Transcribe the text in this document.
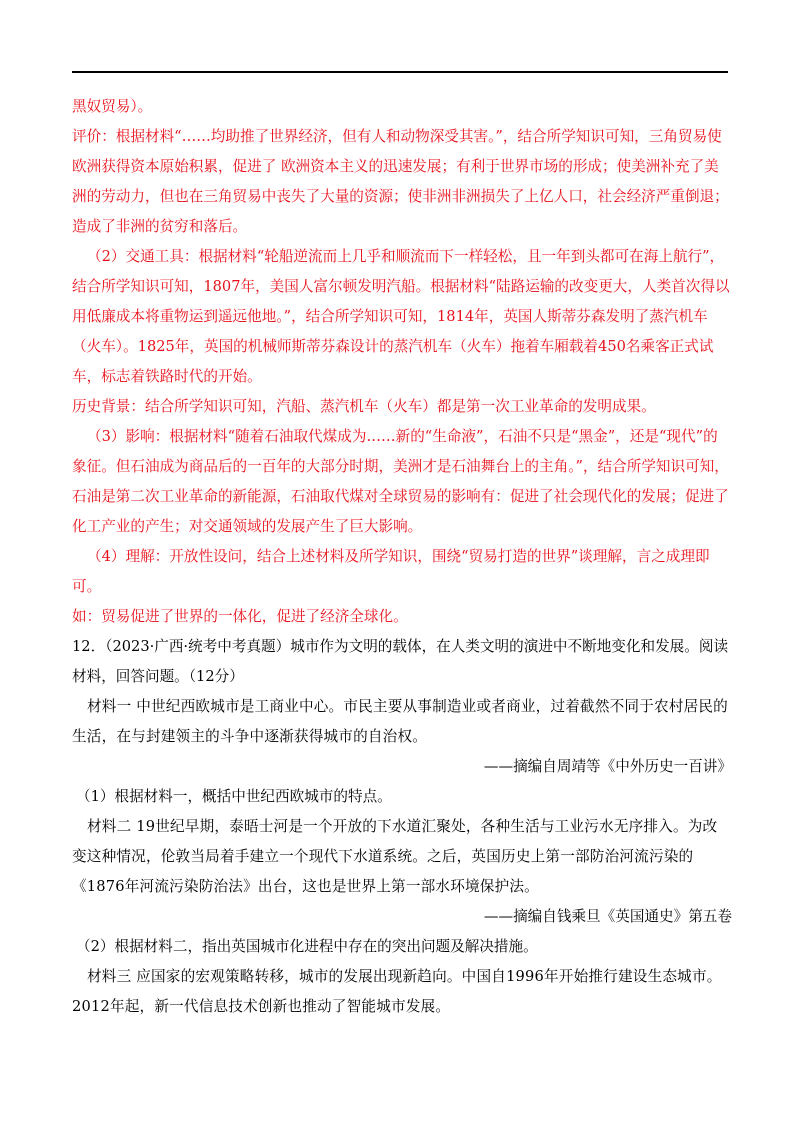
黑奴贸易）。

评价：根据材料“……均助推了世界经济，但有人和动物深受其害。”，结合所学知识可知，三角贸易使欧洲获得资本原始积累，促进了 欧洲资本主义的迅速发展；有利于世界市场的形成；使美洲补充了美洲的劳动力，但也在三角贸易中丧失了大量的资源；使非洲非洲损失了上亿人口，社会经济严重倒退；造成了非洲的贫穷和落后。

（2）交通工具：根据材料“轮船逆流而上几乎和顺流而下一样轻松，且一年到头都可在海上航行”，结合所学知识可知，1807年，美国人富尔顿发明汽船。根据材料“陆路运输的改变更大，人类首次得以用低廉成本将重物运到遥远他地。”，结合所学知识可知，1814年，英国人斯蒂芬森发明了蒸汽机车（火车）。1825年，英国的机械师斯蒂芬森设计的蒸汽机车（火车）拖着车厢载着450名乘客正式试车，标志着铁路时代的开始。

历史背景：结合所学知识可知，汽船、蒸汽机车（火车）都是第一次工业革命的发明成果。

（3）影响：根据材料“随着石油取代煤成为……新的“生命液”，石油不只是“黑金”，还是“现代”的象征。但石油成为商品后的一百年的大部分时期，美洲才是石油舞台上的主角。”，结合所学知识可知，石油是第二次工业革命的新能源，石油取代煤对全球贸易的影响有：促进了社会现代化的发展；促进了化工产业的产生；对交通领域的发展产生了巨大影响。

（4）理解：开放性设问，结合上述材料及所学知识，围绕“贸易打造的世界”谈理解，言之成理即可。

如：贸易促进了世界的一体化，促进了经济全球化。

12．（2023·广西·统考中考真题）城市作为文明的载体，在人类文明的演进中不断地变化和发展。阅读材料，回答问题。（12分）

材料一 中世纪西欧城市是工商业中心。市民主要从事制造业或者商业，过着截然不同于农村居民的生活，在与封建领主的斗争中逐渐获得城市的自治权。

——摘编自周靖等《中外历史一百讲》

（1）根据材料一，概括中世纪西欧城市的特点。

材料二 19世纪早期，泰晤士河是一个开放的下水道汇聚处，各种生活与工业污水无序排入。为改变这种情况，伦敦当局着手建立一个现代下水道系统。之后，英国历史上第一部防治河流污染的《1876年河流污染防治法》出台，这也是世界上第一部水环境保护法。

——摘编自钱乘旦《英国通史》第五卷

（2）根据材料二，指出英国城市化进程中存在的突出问题及解决措施。

材料三 应国家的宏观策略转移，城市的发展出现新趋向。中国自1996年开始推行建设生态城市。2012年起，新一代信息技术创新也推动了智能城市发展。
